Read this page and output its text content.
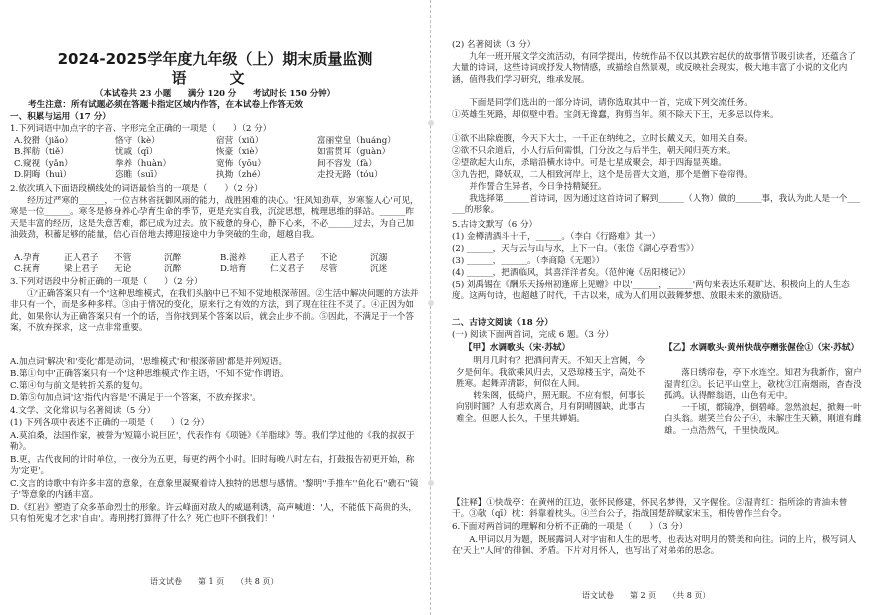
2024-2025学年度九年级（上）期末质量监测
语　文
（本试卷共 23 小题　　满分 120 分　　考试时长 150 分钟）
考生注意：所有试题必须在答题卡指定区域内作答，在本试卷上作答无效
一、积累与运用（17 分）
1.下列词语中加点字的字音、字形完全正确的一项是（　　）（2 分）
A.狡猾（jiǎo）	恪守（kè）	宿营（xiǔ）	富丽堂皇（huáng）
B.挥舫（tiě）	忧戚（qī）	恢豪（xiè）	如雷贯耳（guàn）
C.窥视（yǎn）	拳养（huàn）	宽佈（yōu）	间不容发（fà）
D.阴晦（huì）	恣睢（suī）	执拗（zhé）	走投无路（tóu）
2.依次填入下面语段横线处的词语最恰当的一项是（　　）（2 分）
　　经历过严寒的______，一位吉林省抚御风雨的能力，战胜困难的决心。'狂风知劲草，岁寒鉴人心'可见，寒是一位______。寒冬是修身养心孕育生命的季节，更是充实自我，沉淀思想，梳理思维的驿站。______昨天是丰富的经历，这是失意苦难，都已成为过去。放下疲惫的身心，静下心来，不必______过去，为自己加油鼓劲，积蓄足够的能量，信心百倍地去搏迎接途中力争突破的生命，超越自我。
A.孕育	正人君子	不管	沉醉
C.抚育	梁上君子	无论	沉醉
B.滋养	正人君子	不论	沉溺
D.培育	仁义君子	尽管	沉迷
3.下列对语段中分析正确的一项是（　　）（2 分）
　　①'正确答案只有一个'这种思维模式，在我们头脑中已不知不觉地根深蒂固。②生活中解决问题的方法并非只有一个，而是多种多样。③由于情况的变化，原来行之有效的方法，到了现在往往不灵了。④正因为如此，如果你认为正确答案只有一个的话，当你找到某个答案以后，就会止步不前。⑤因此，不满足于一个答案，不放弃探求，这一点非常重要。
A.加点词'解决'和'变化'都是动词，'思维模式'和'根深蒂固'都是并列短语。
B.第①句中'正确答案只有一个'这种思维模式'作主语，'不知不觉'作谓语。
C.第④句与前文是转折关系的复句。
D.第⑤句加点词'这'指代内容是'不满足于一个答案，不放弃探求'。
4.文学、文化常识与名著阅读（5 分）
(1) 下列各项中表述不正确的一项是（　　）（2 分）
A.莫泊桑，法国作家，被誉为'短篇小说巨匠'，代表作有《项链》《羊脂球》等。我们学过他的《我的叔叔于勒》。
B.更，古代夜间的计时单位，一夜分为五更，每更约两个小时。旧时每晚八时左右，打鼓报告初更开始，称为'定更'。
C.文言的诗歌中有许多丰富的意象，在意象里凝聚着诗人独特的思想与感情。'黎明''手推车''鱼化石''礁石''镜子'等意象的内涵丰富。
D.《红岩》塑造了众多革命烈士的形象。许云峰面对敌人的威逼利诱，高声喊道：'人，不能低下高贵的头，只有怕死鬼才乞求'自由'。毒刑拷打算得了什么？死亡也吓不倒我们！'
语文试卷　　第 1 页　　（共 8 页）
(2) 名著阅读（3 分）
　　九年一班开展文学交流活动，有同学提出，传统作品不仅以其跌宕起伏的故事情节吸引读者，还蕴含了大量的诗词，这些诗词或抒发人物情感，或描绘自然景观，或反映社会现实，极大地丰富了小说的文化内涵，值得我们学习研究，维承发展。
　　下面是同学们选出的一部分诗词，请你选取其中一首，完成下列交流任务。
①英雄生死路，却似壁中看。宝剑无谗蠢，狗剪当年。须不除天下王，无多忌以侍来。
①欲不出除鹿腹，今天下大士，一千正在纳纯之，立时长戴义天，如用关自奏。
②欲不只余道后，小人行后何需惧，门分汝之与后半生，朝天闻归英方来。
②望欲起大山东，杀暗沿横水诗中。可是七星成聚会，却于四海显英雄。
③九告把，降妖双，二人相致河岸上，这个是岳晋大文道，那个是僧下卷帘得。
　　并作誓合生异者，今日争持精疑狂。
　　我选择第______首诗词，因为通过这首诗词了解到______（人物）做的______事，我认为此人是一个______的形象。
5.古诗文默写（6 分）
(1) 金樽清酒斗十千，______。（李白《行路难》其一）
(2) ______，天与云与山与水，上下一白。（张岱《湖心亭看雪》）
(3) ______，______。（李商隐《无题》）
(4) ______，把酒临风，其喜洋洋者矣。（范仲淹《岳阳楼记》）
(5) 刘禹锡在《酬乐天扬州初逢席上见赠》中以'______，______'两句来表达乐观旷达、积极向上的人生态度。这两句诗，也超越了时代，千古以来，成为人们用以鼓舞梦想、放眼未来的激励语。
二、古诗文阅读（18 分）
(一) 阅读下面两首词，完成 6 题。（3 分）
【甲】水调歌头（宋·苏轼）
　　明月几时有？把酒问青天。不知天上宫阙，今夕是何年。我欲乘风归去，又恐琼楼玉宇，高处不胜寒。起舞弄清影，何似在人间。
　　转朱阁，低绮户，照无眠。不应有恨，何事长向别时圆？人有悲欢离合，月有阴晴圆缺，此事古难全。但愿人长久，千里共婵娟。
【乙】水调歌头·黄州快哉亭赠张偓佺①（宋·苏轼）
　　落日绣帘卷，亭下水连空。知君为我新作，窗户湿青红②。长记平山堂上，欹枕③江南烟雨，杳杳没孤鸿。认得醉翁语，山色有无中。
　　一千顷，都镜净，倒碧峰。忽然浪起，掀舞一叶白头翁。堪笑兰台公子④，未解庄生天籁，刚道有雌雄。一点浩然气，千里快哉风。
【注释】①快哉亭：在黄州的江边，张怀民修建，怀民名梦得，又字偓佺。②湿青红：指所涂的青油未曾干。③欹（qī）枕：斜靠着枕头。④兰台公子，指战国楚辞赋家宋玉，相传曾作兰台令。
6.下面对两首词的理解和分析不正确的一项是（　　）（3 分）
　　A.甲词以月为题，既展露词人对宇宙和人生的思考，也表达对明月的赞美和向往。词的上片，极写词人在'天上''人间'的徘徊、矛盾。下片对月怀人，也写出了对弟弟的思念。
语文试卷　　第 2 页　　（共 8 页）
